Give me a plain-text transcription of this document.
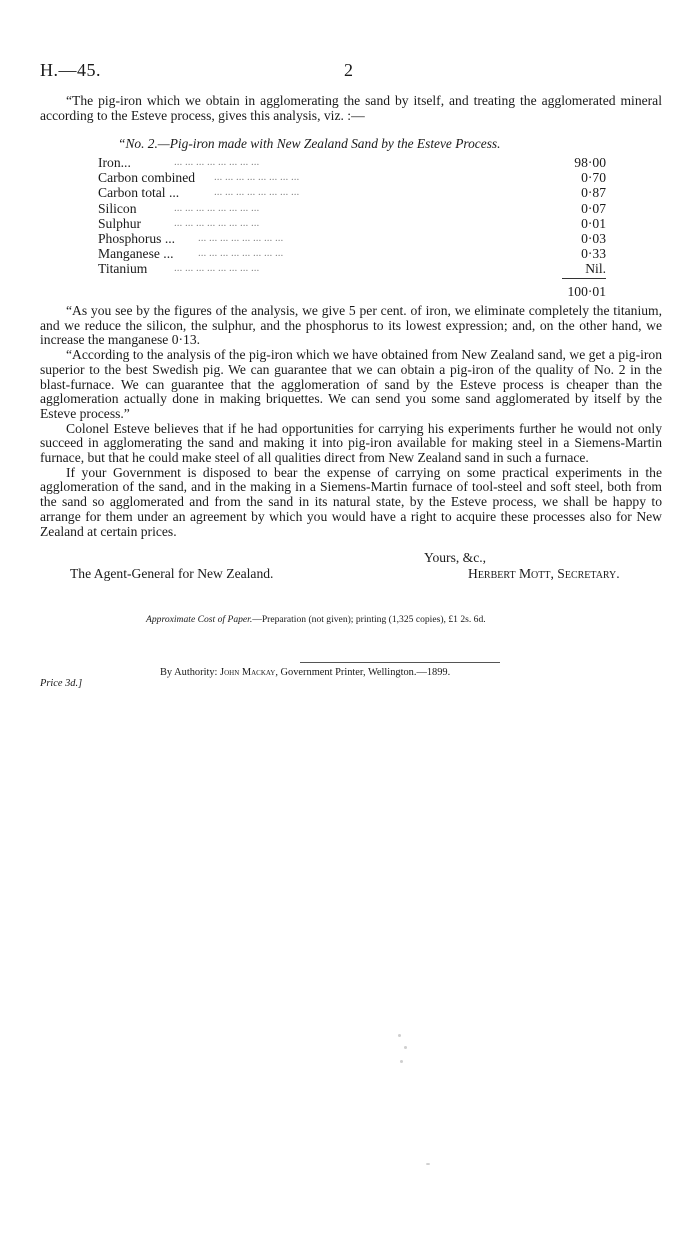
H.—45.	2

“The pig-iron which we obtain in agglomerating the sand by itself, and treating the agglomerated mineral according to the Esteve process, gives this analysis, viz. :—

“No. 2.—Pig-iron made with New Zealand Sand by the Esteve Process.
Iron...	... ... ... ... ... ... ... ...	98·00
Carbon combined ... ... ... ... ... ... ... ...	0·70
Carbon total ...	... ... ... ... ... ... ... ...	0·87
Silicon	... ... ... ... ... ... ... ...	0·07
Sulphur	... ... ... ... ... ... ... ...	0·01
Phosphorus ... ... ... ... ... ... ... ... ...	0·03
Manganese ... ... ... ... ... ... ... ... ...	0·33
Titanium ... ... ... ... ... ... ... ...	Nil.
100·01

“As you see by the figures of the analysis, we give 5 per cent. of iron, we eliminate completely the titanium, and we reduce the silicon, the sulphur, and the phosphorus to its lowest expression; and, on the other hand, we increase the manganese 0·13.

“According to the analysis of the pig-iron which we have obtained from New Zealand sand, we get a pig-iron superior to the best Swedish pig. We can guarantee that we can obtain a pig-iron of the quality of No. 2 in the blast-furnace. We can guarantee that the agglomeration of sand by the Esteve process is cheaper than the agglomeration actually done in making briquettes. We can send you some sand agglomerated by itself by the Esteve process.”

Colonel Esteve believes that if he had opportunities for carrying his experiments further he would not only succeed in agglomerating the sand and making it into pig-iron available for making steel in a Siemens-Martin furnace, but that he could make steel of all qualities direct from New Zealand sand in such a furnace.

If your Government is disposed to bear the expense of carrying on some practical experiments in the agglomeration of the sand, and in the making in a Siemens-Martin furnace of tool-steel and soft steel, both from the sand so agglomerated and from the sand in its natural state, by the Esteve process, we shall be happy to arrange for them under an agreement by which you would have a right to acquire these processes also for New Zealand at certain prices.

Yours, &c.,
The Agent-General for New Zealand.	Herbert Mott, Secretary.
Approximate Cost of Paper.—Preparation (not given); printing (1,325 copies), £1 2s. 6d.
By Authority: John Mackay, Government Printer, Wellington.—1899.
Price 3d.]
